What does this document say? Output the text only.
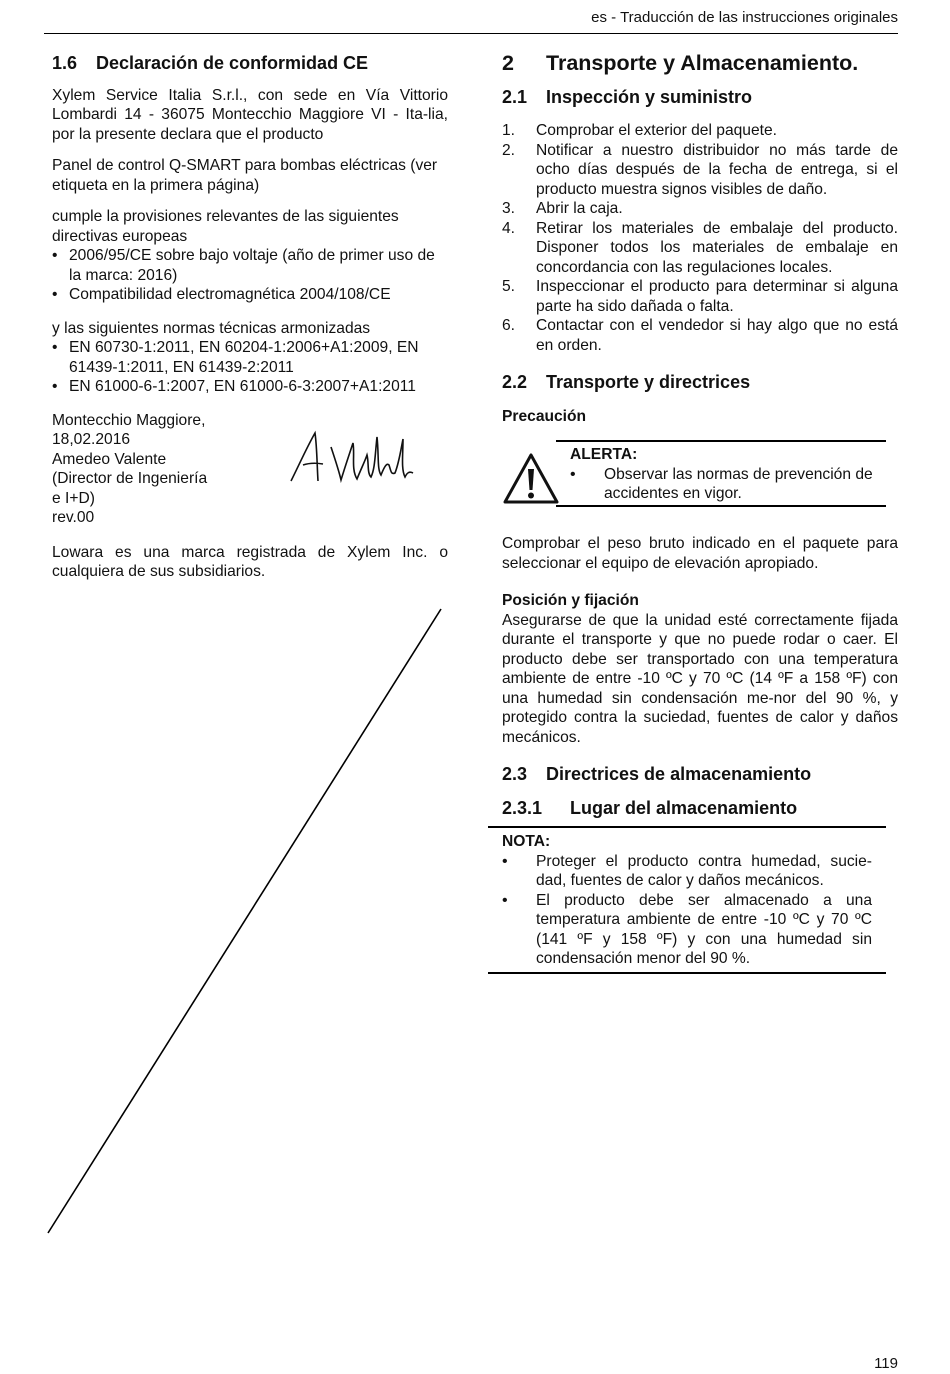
es - Traducción de las instrucciones originales
1.6 Declaración de conformidad CE

Xylem Service Italia S.r.l., con sede en Vía Vittorio Lombardi 14 - 36075 Montecchio Maggiore VI - Ita-lia, por la presente declara que el producto

Panel de control Q-SMART para bombas eléctricas (ver etiqueta en la primera página)

cumple la provisiones relevantes de las siguientes directivas europeas
• 2006/95/CE sobre bajo voltaje (año de primer uso de la marca: 2016)
• Compatibilidad electromagnética 2004/108/CE
y las siguientes normas técnicas armonizadas
• EN 60730-1:2011, EN 60204-1:2006+A1:2009, EN 61439-1:2011, EN 61439-2:2011
• EN 61000-6-1:2007, EN 61000-6-3:2007+A1:2011
Montecchio Maggiore,
18,02.2016
Amedeo Valente
(Director de Ingeniería
e I+D)
rev.00

Lowara es una marca registrada de Xylem Inc. o cualquiera de sus subsidiarios.

2 Transporte y Almacenamiento.
2.1 Inspección y suministro
1. Comprobar el exterior del paquete.
2. Notificar a nuestro distribuidor no más tarde de ocho días después de la fecha de entrega, si el producto muestra signos visibles de daño.
3. Abrir la caja.
4. Retirar los materiales de embalaje del producto. Disponer todos los materiales de embalaje en concordancia con las regulaciones locales.
5. Inspeccionar el producto para determinar si alguna parte ha sido dañada o falta.
6. Contactar con el vendedor si hay algo que no está en orden.
2.2 Transporte y directrices
Precaución
ALERTA:
• Observar las normas de prevención de accidentes en vigor.

Comprobar el peso bruto indicado en el paquete para seleccionar el equipo de elevación apropiado.

Posición y fijación

Asegurarse de que la unidad esté correctamente fijada durante el transporte y que no puede rodar o caer. El producto debe ser transportado con una temperatura ambiente de entre -10 ºC y 70 ºC (14 ºF a 158 ºF) con una humedad sin condensación me-nor del 90 %, y protegido contra la suciedad, fuentes de calor y daños mecánicos.

2.3 Directrices de almacenamiento
2.3.1 Lugar del almacenamiento
NOTA:
• Proteger el producto contra humedad, sucie-dad, fuentes de calor y daños mecánicos.
• El producto debe ser almacenado a una temperatura ambiente de entre -10 ºC y 70 ºC (141 ºF y 158 ºF) y con una humedad sin condensación menor del 90 %.
119
